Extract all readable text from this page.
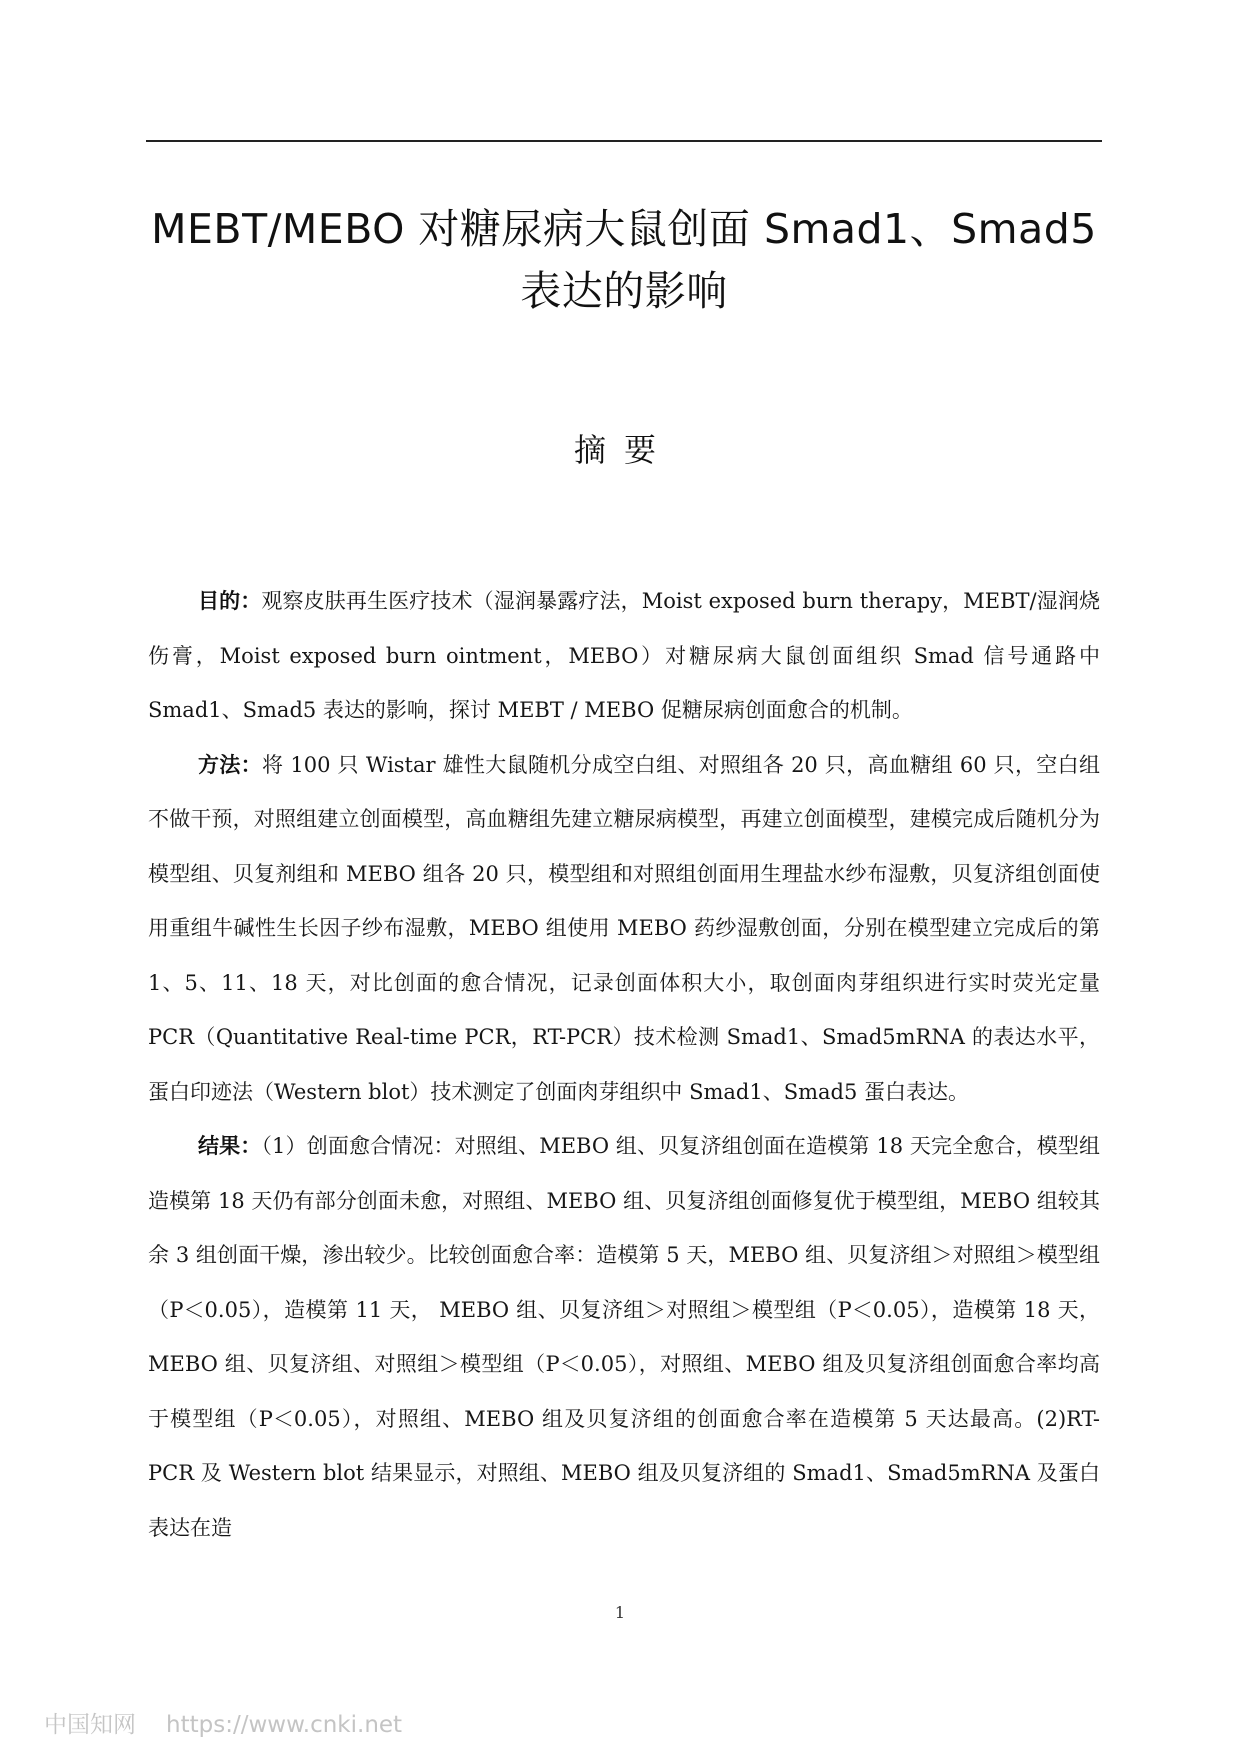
MEBT/MEBO 对糖尿病大鼠创面 Smad1、Smad5 表达的影响
摘要

目的：观察皮肤再生医疗技术（湿润暴露疗法，Moist exposed burn therapy，MEBT/湿润烧伤膏，Moist exposed burn ointment，MEBO）对糖尿病大鼠创面组织 Smad 信号通路中 Smad1、Smad5 表达的影响，探讨 MEBT / MEBO 促糖尿病创面愈合的机制。

方法：将 100 只 Wistar 雄性大鼠随机分成空白组、对照组各 20 只，高血糖组 60 只，空白组不做干预，对照组建立创面模型，高血糖组先建立糖尿病模型，再建立创面模型，建模完成后随机分为模型组、贝复剂组和 MEBO 组各 20 只，模型组和对照组创面用生理盐水纱布湿敷，贝复济组创面使用重组牛碱性生长因子纱布湿敷，MEBO 组使用 MEBO 药纱湿敷创面，分别在模型建立完成后的第 1、5、11、18 天，对比创面的愈合情况，记录创面体积大小，取创面肉芽组织进行实时荧光定量 PCR（Quantitative Real-time PCR，RT-PCR）技术检测 Smad1、Smad5mRNA 的表达水平，蛋白印迹法（Western blot）技术测定了创面肉芽组织中 Smad1、Smad5 蛋白表达。

结果：（1）创面愈合情况：对照组、MEBO 组、贝复济组创面在造模第 18 天完全愈合，模型组造模第 18 天仍有部分创面未愈，对照组、MEBO 组、贝复济组创面修复优于模型组，MEBO 组较其余 3 组创面干燥，渗出较少。比较创面愈合率：造模第 5 天，MEBO 组、贝复济组＞对照组＞模型组（P＜0.05），造模第 11 天， MEBO 组、贝复济组＞对照组＞模型组（P＜0.05），造模第 18 天， MEBO 组、贝复济组、对照组＞模型组（P＜0.05），对照组、MEBO 组及贝复济组创面愈合率均高于模型组（P＜0.05），对照组、MEBO 组及贝复济组的创面愈合率在造模第 5 天达最高。(2)RT-PCR 及 Western blot 结果显示，对照组、MEBO 组及贝复济组的 Smad1、Smad5mRNA 及蛋白表达在造

1
中国知网 https://www.cnki.net
